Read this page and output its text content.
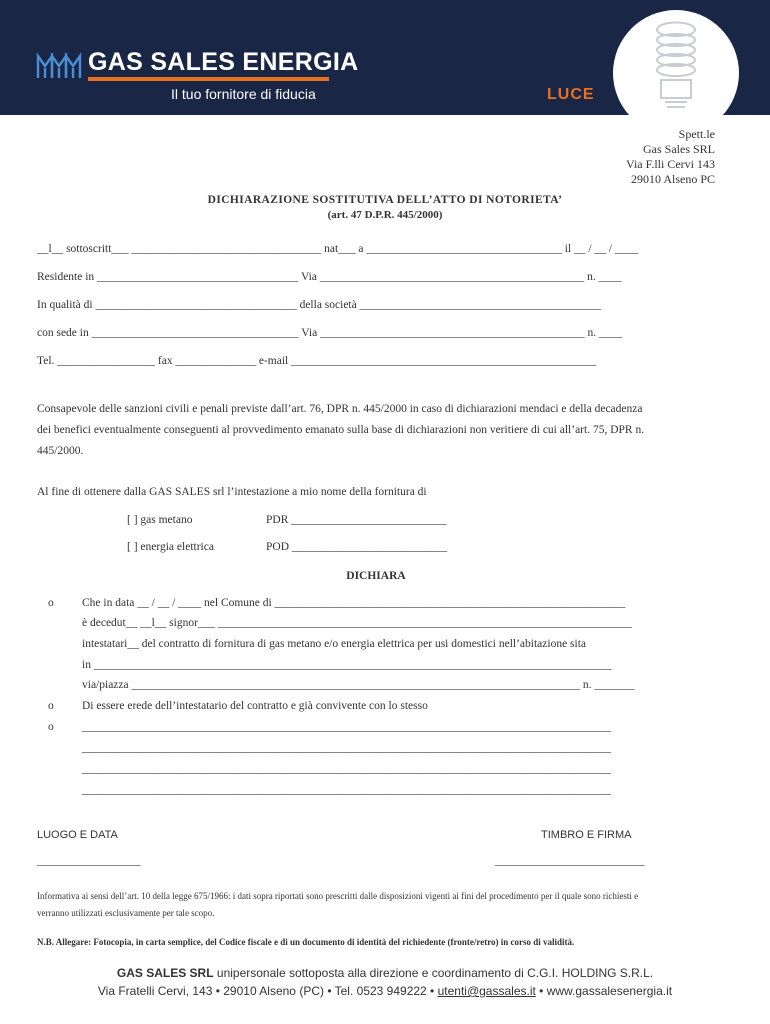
GAS SALES ENERGIA
Il tuo fornitore di fiducia	LUCE
Spett.le
Gas Sales SRL
Via F.lli Cervi 143
29010 Alseno PC
DICHIARAZIONE SOSTITUTIVA DELL’ATTO DI NOTORIETA’
(art. 47 D.P.R. 445/2000)
__l__ sottoscritt___ _________________________________ nat___ a __________________________________ il __ / __ / ____
Residente in ___________________________________ Via ______________________________________________ n. ____
In qualità di ___________________________________ della società __________________________________________
con sede in ____________________________________ Via ______________________________________________ n. ____
Tel. _________________ fax ______________ e-mail _____________________________________________________
Consapevole delle sanzioni civili e penali previste dall’art. 76, DPR n. 445/2000 in caso di dichiarazioni mendaci e della decadenza
dei benefici eventualmente conseguenti al provvedimento emanato sulla base di dichiarazioni non veritiere di cui all’art. 75, DPR n.
445/2000.
Al fine di ottenere dalla GAS SALES srl l’intestazione a mio nome della fornitura di
[ ] gas metano	PDR ___________________________
[ ] energia elettrica	POD ___________________________
DICHIARA
o
o
o
Che in data __ / __ / ____ nel Comune di _____________________________________________________________
è decedut__ __l__ signor___ ________________________________________________________________________
intestatari__ del contratto di fornitura di gas metano e/o energia elettrica per usi domestici nell’abitazione sita
in __________________________________________________________________________________________
via/piazza ______________________________________________________________________________ n. _______
Di essere erede dell’intestatario del contratto e già convivente con lo stesso
____________________________________________________________________________________________
____________________________________________________________________________________________
____________________________________________________________________________________________
____________________________________________________________________________________________
LUOGO E DATA	TIMBRO E FIRMA
__________________	__________________________
Informativa ai sensi dell’art. 10 della legge 675/1966: i dati sopra riportati sono prescritti dalle disposizioni vigenti ai fini del procedimento per il quale sono richiesti e
verranno utilizzati esclusivamente per tale scopo.
N.B. Allegare: Fotocopia, in carta semplice, del Codice fiscale e di un documento di identità del richiedente (fronte/retro) in corso di validità.
GAS SALES SRL unipersonale sottoposta alla direzione e coordinamento di C.G.I. HOLDING S.R.L.
Via Fratelli Cervi, 143 • 29010 Alseno (PC) • Tel. 0523 949222 • utenti@gassales.it • www.gassalesenergia.it
